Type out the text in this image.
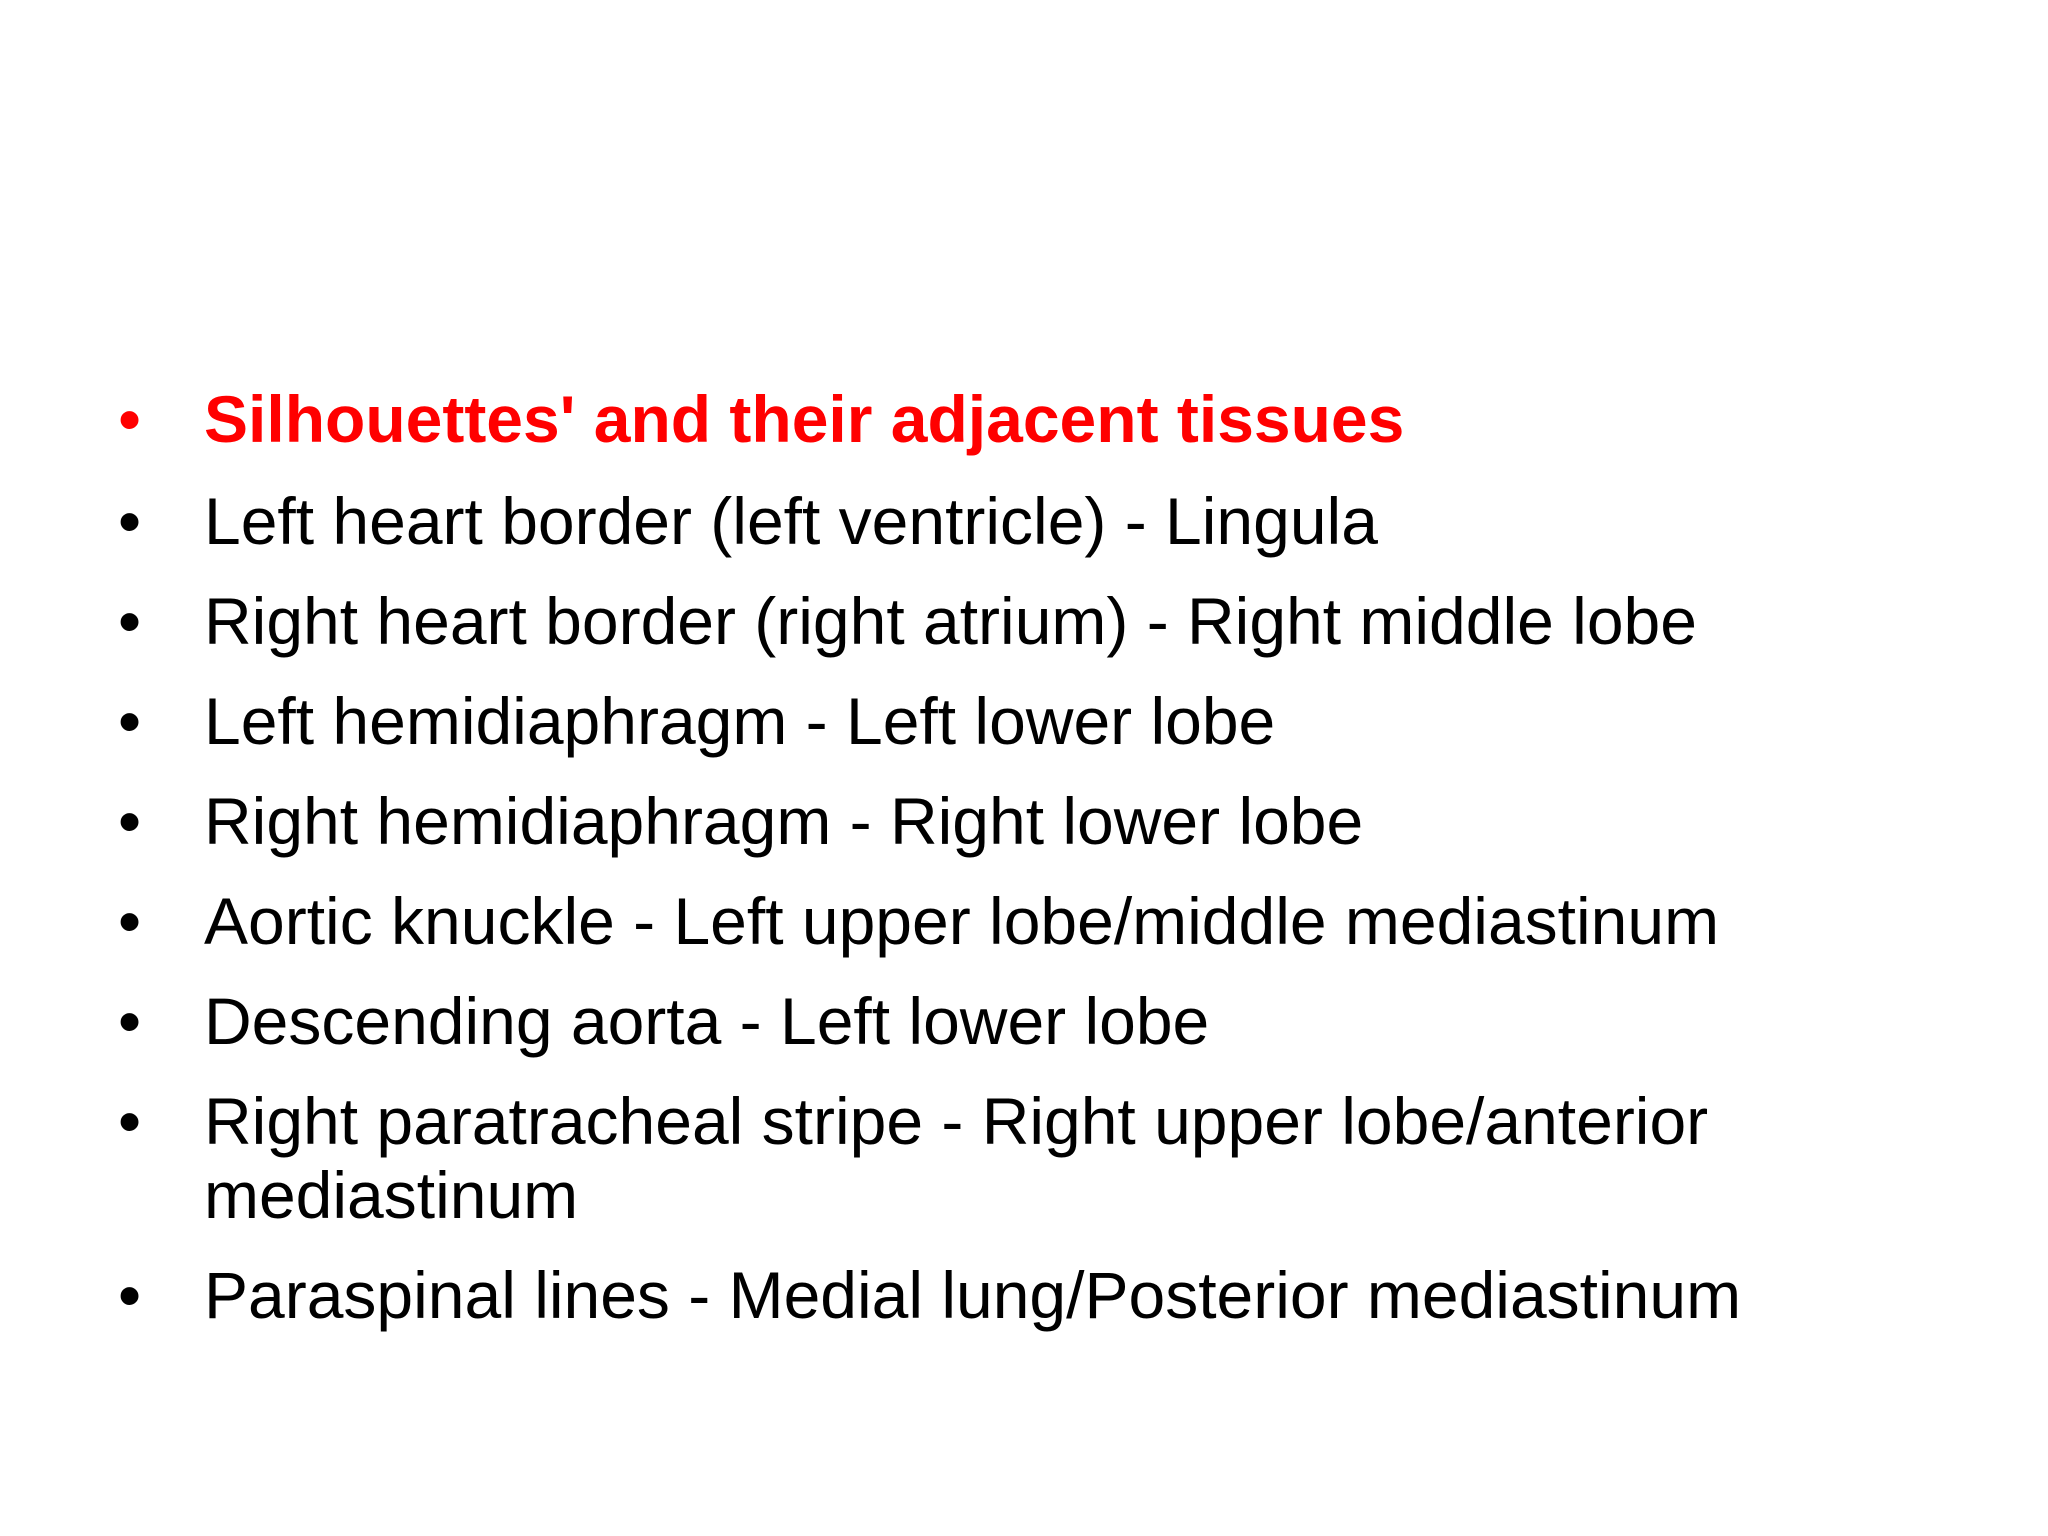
• Silhouettes' and their adjacent tissues
• Left heart border (left ventricle) - Lingula
• Right heart border (right atrium) - Right middle lobe
• Left hemidiaphragm - Left lower lobe
• Right hemidiaphragm - Right lower lobe
• Aortic knuckle - Left upper lobe/middle mediastinum
• Descending aorta - Left lower lobe
• Right paratracheal stripe - Right upper lobe/anterior mediastinum
• Paraspinal lines - Medial lung/Posterior mediastinum
